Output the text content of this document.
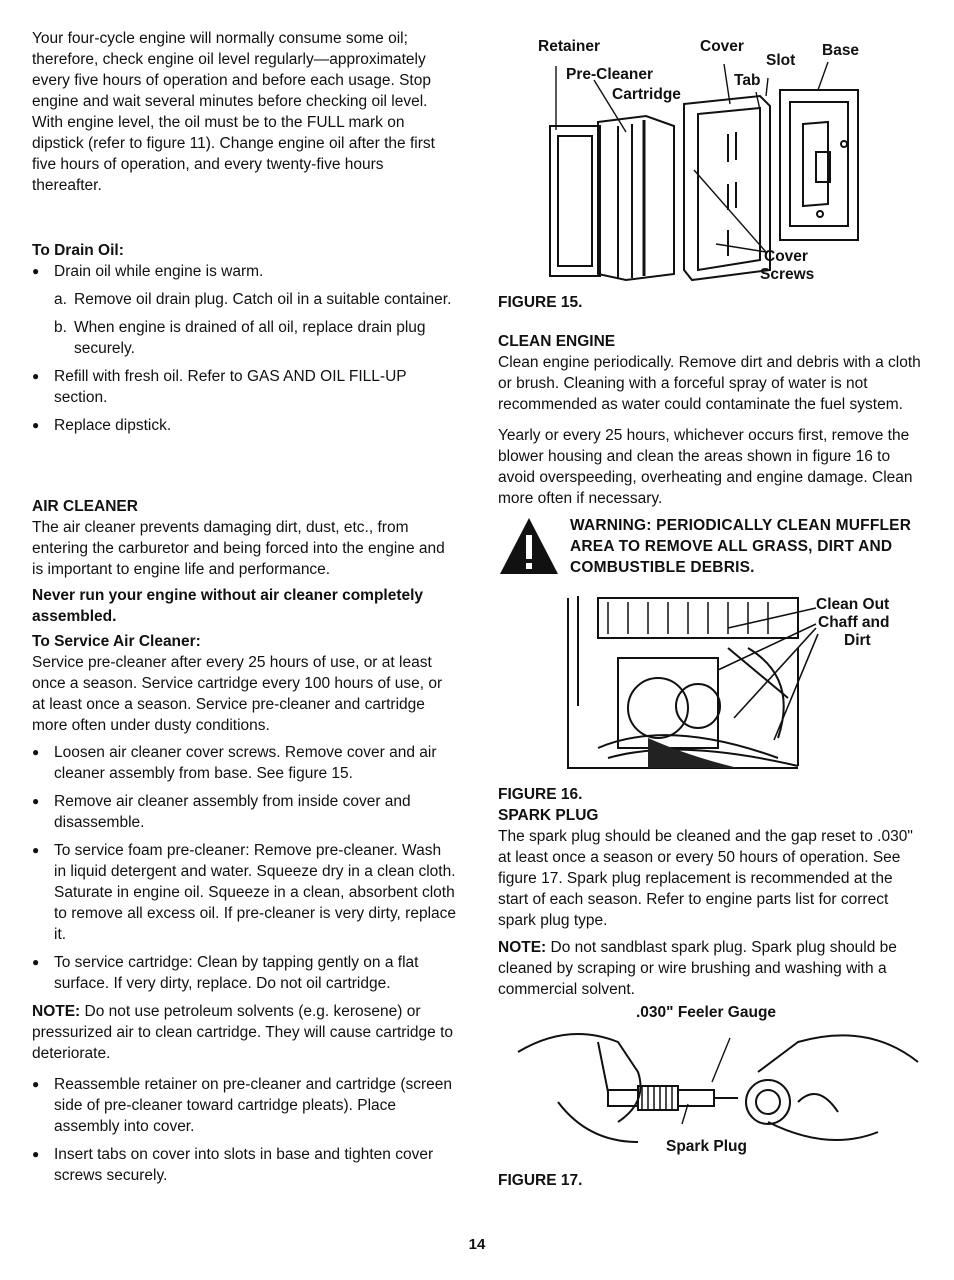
Your four-cycle engine will normally consume some oil; therefore, check engine oil level regularly—approximately every five hours of operation and before each usage. Stop engine and wait several minutes before checking oil level. With engine level, the oil must be to the FULL mark on dipstick (refer to figure 11). Change engine oil after the first five hours of operation, and every twenty-five hours thereafter.

To Drain Oil:
● Drain oil while engine is warm.
a. Remove oil drain plug. Catch oil in a suitable container.
b. When engine is drained of all oil, replace drain plug securely.
● Refill with fresh oil. Refer to GAS AND OIL FILL-UP section.
● Replace dipstick.
AIR CLEANER

The air cleaner prevents damaging dirt, dust, etc., from entering the carburetor and being forced into the engine and is important to engine life and performance.

Never run your engine without air cleaner completely assembled.

To Service Air Cleaner:

Service pre-cleaner after every 25 hours of use, or at least once a season. Service cartridge every 100 hours of use, or at least once a season. Service pre-cleaner and cartridge more often under dusty conditions.

● Loosen air cleaner cover screws. Remove cover and air cleaner assembly from base. See figure 15.
● Remove air cleaner assembly from inside cover and disassemble.
● To service foam pre-cleaner: Remove pre-cleaner. Wash in liquid detergent and water. Squeeze dry in a clean cloth. Saturate in engine oil. Squeeze in a clean, absorbent cloth to remove all excess oil. If pre-cleaner is very dirty, replace it.
● To service cartridge: Clean by tapping gently on a flat surface. If very dirty, replace. Do not oil cartridge.

NOTE: Do not use petroleum solvents (e.g. kerosene) or pressurized air to clean cartridge. They will cause cartridge to deteriorate.

● Reassemble retainer on pre-cleaner and cartridge (screen side of pre-cleaner toward cartridge pleats). Place assembly into cover.
● Insert tabs on cover into slots in base and tighten cover screws securely.
Retainer	Cover
Slot
Base
Pre-Cleaner
Cartridge
Tab
Cover
Screws
FIGURE 15.
CLEAN ENGINE

Clean engine periodically. Remove dirt and debris with a cloth or brush. Cleaning with a forceful spray of water is not recommended as water could contaminate the fuel system.

Yearly or every 25 hours, whichever occurs first, remove the blower housing and clean the areas shown in figure 16 to avoid overspeeding, overheating and engine damage. Clean more often if necessary.

WARNING: PERIODICALLY CLEAN MUFFLER AREA TO REMOVE ALL GRASS, DIRT AND COMBUSTIBLE DEBRIS.
Clean Out
Chaff and
Dirt
FIGURE 16.
SPARK PLUG

The spark plug should be cleaned and the gap reset to .030" at least once a season or every 50 hours of operation. See figure 17. Spark plug replacement is recommended at the start of each season. Refer to engine parts list for correct spark plug type.

NOTE: Do not sandblast spark plug. Spark plug should be cleaned by scraping or wire brushing and washing with a commercial solvent.

.030" Feeler Gauge
Spark Plug
FIGURE 17.
14
